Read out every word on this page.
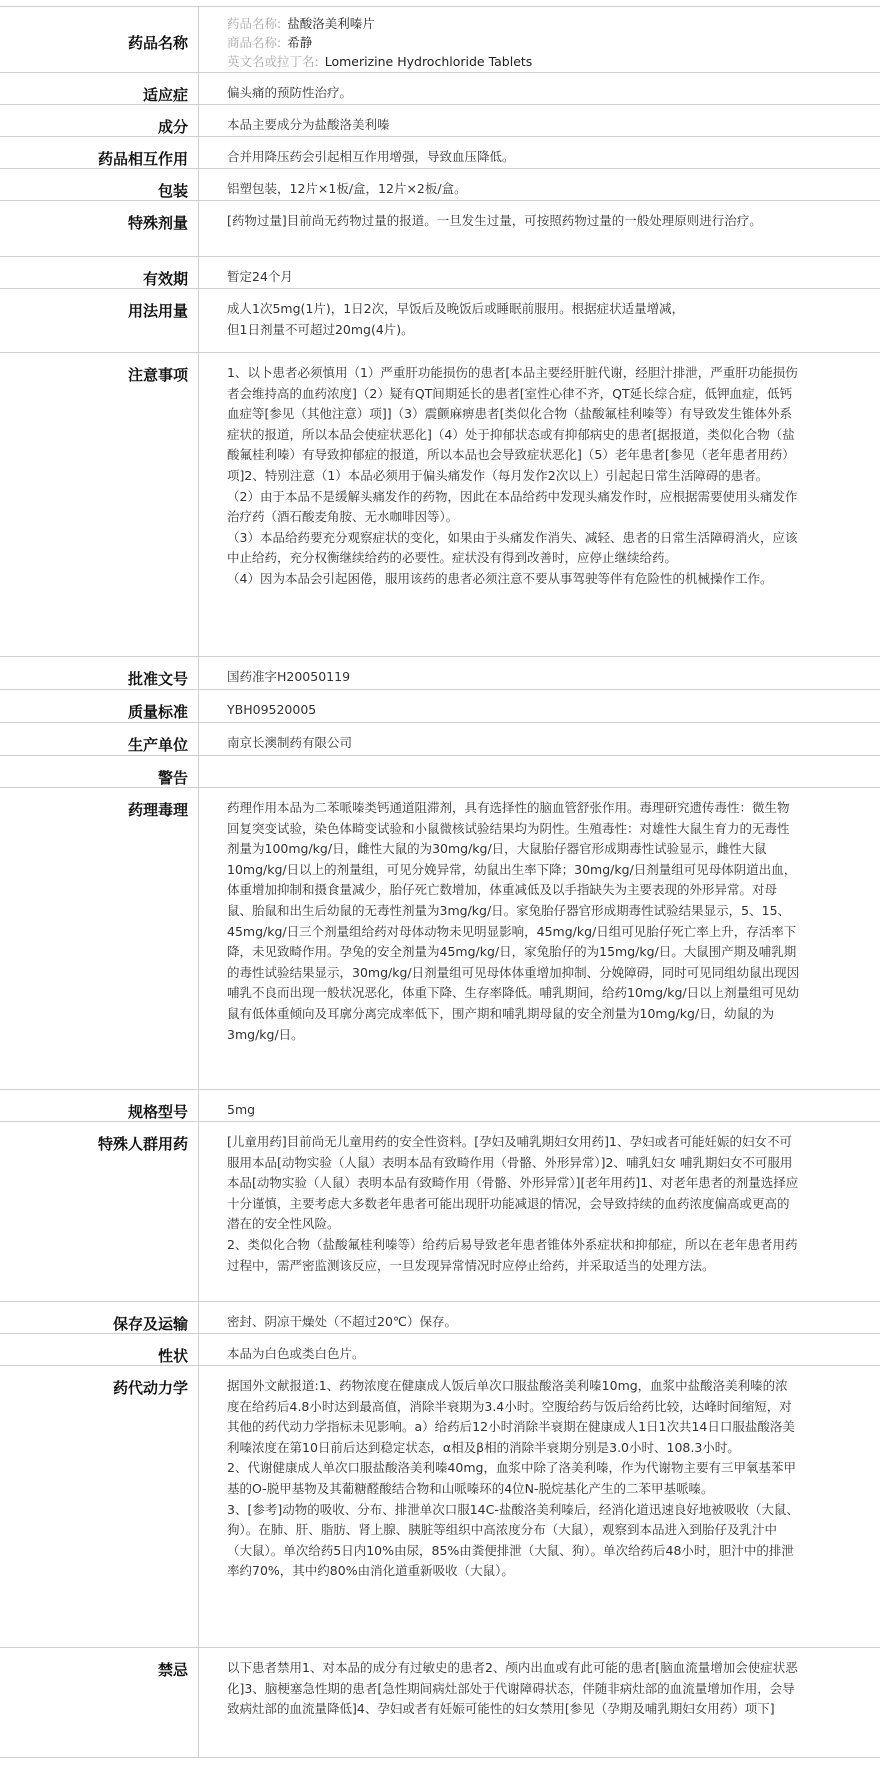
药品名称
药品名称: 盐酸洛美利嗪片
商品名称: 希静
英文名或拉丁名: Lomerizine Hydrochloride Tablets
适应症	偏头痛的预防性治疗。
成分	本品主要成分为盐酸洛美利嗪
药品相互作用	合并用降压药会引起相互作用增强，导致血压降低。
包装	铝塑包装，12片×1板/盒，12片×2板/盒。
特殊剂量	[药物过量]目前尚无药物过量的报道。一旦发生过量，可按照药物过量的一般处理原则进行治疗。
有效期	暂定24个月
用法用量	成人1次5mg(1片)，1日2次，早饭后及晚饭后或睡眠前服用。根据症状适量增减，

但1日剂量不可超过20mg(4片)。

注意事项	1、以卜患者必须慎用（1）严重肝功能损伤的患者[本品主要经肝脏代谢，经胆汁排泄，严重肝功能损伤者会维持高的血药浓度]（2）疑有QT间期延长的患者[室性心律不齐，QT延长综合症，低钾血症，低钙血症等[参见（其他注意）项]]（3）震颤麻痹患者[类似化合物（盐酸氟桂利嗪等）有导致发生锥体外系症状的报道，所以本品会使症状恶化]（4）处于抑郁状态或有抑郁病史的患者[据报道，类似化合物（盐酸氟桂利嗪）有导致抑郁症的报道，所以本品也会导致症状恶化]（5）老年患者[参见（老年患者用药）项]2、特别注意（1）本品必须用于偏头痛发作（每月发作2次以上）引起起日常生活障碍的患者。

（2）由于本品不是缓解头痛发作的药物，因此在本品给药中发现头痛发作时，应根据需要使用头痛发作治疗药（酒石酸麦角胺、无水咖啡因等）。

（3）本品给药要充分观察症状的变化，如果由于头痛发作消失、减轻、患者的日常生活障碍消火，应该中止给药，充分权衡继续给药的必要性。症状没有得到改善时，应停止继续给药。

（4）因为本品会引起困倦，服用该药的患者必须注意不要从事驾驶等伴有危险性的机械操作工作。

批准文号	国药准字H20050119
质量标准	YBH09520005
生产单位	南京长澳制药有限公司
警告
药理毒理	药理作用本品为二苯哌嗪类钙通道阻滞剂，具有选择性的脑血管舒张作用。毒理研究遗传毒性：微生物回复突变试验，染色体畸变试验和小鼠微核试验结果均为阴性。生殖毒性：对雄性大鼠生育力的无毒性剂量为100mg/kg/日，雌性大鼠的为30mg/kg/日，大鼠胎仔器官形成期毒性试验显示，雌性大鼠10mg/kg/日以上的剂量组，可见分娩异常，幼鼠出生率下降；30mg/kg/日剂量组可见母体阴道出血，体重增加抑制和摄食量减少，胎仔死亡数增加，体重减低及以手指缺失为主要表现的外形异常。对母鼠、胎鼠和出生后幼鼠的无毒性剂量为3mg/kg/日。家兔胎仔器官形成期毒性试验结果显示，5、15、45mg/kg/日三个剂量组给药对母体动物未见明显影响，45mg/kg/日组可见胎仔死亡率上升，存活率下降，未见致畸作用。孕兔的安全剂量为45mg/kg/日，家兔胎仔的为15mg/kg/日。大鼠围产期及哺乳期的毒性试验结果显示，30mg/kg/日剂量组可见母体体重增加抑制、分娩障碍，同时可见同组幼鼠出现因哺乳不良而出现一般状况恶化，体重下降、生存率降低。哺乳期间，给药10mg/kg/日以上剂量组可见幼鼠有低体重倾向及耳廓分离完成率低下，围产期和哺乳期母鼠的安全剂量为10mg/kg/日，幼鼠的为3mg/kg/日。
规格型号	5mg
特殊人群用药	[儿童用药]目前尚无儿童用药的安全性资料。[孕妇及哺乳期妇女用药]1、孕妇或者可能妊娠的妇女不可服用本品[动物实验（人鼠）表明本品有致畸作用（骨骼、外形异常）]2、哺乳妇女 哺乳期妇女不可服用本品[动物实验（人鼠）表明本品有致畸作用（骨骼、外形异常）][老年用药]1、对老年患者的剂量选择应十分谨慎，主要考虑大多数老年患者可能出现肝功能减退的情况，会导致持续的血药浓度偏高或更高的潜在的安全性风险。

2、类似化合物（盐酸氟桂利嗪等）给药后易导致老年患者锥体外系症状和抑郁症，所以在老年患者用药过程中，需严密监测该反应，一旦发现异常情况时应停止给药，并采取适当的处理方法。

保存及运输	密封、阴凉干燥处（不超过20℃）保存。
性状	本品为白色或类白色片。
药代动力学	据国外文献报道:1、药物浓度在健康成人饭后单次口服盐酸洛美利嗪10mg，血浆中盐酸洛美利嗪的浓度在给药后4.8小时达到最高值，消除半衰期为3.4小时。空腹给药与饭后给药比较，达峰时间缩短，对其他的药代动力学指标未见影响。a）给药后12小时消除半衰期在健康成人1日1次共14日口服盐酸洛美利嗪浓度在第10日前后达到稳定状态，α相及β相的消除半衰期分别是3.0小时、108.3小时。

2、代谢健康成人单次口服盐酸洛美利嗪40mg，血浆中除了洛美利嗪，作为代谢物主要有三甲氧基苯甲基的O-脱甲基物及其葡糖醛酸结合物和山哌嗪环的4位N-脱烷基化产生的二苯甲基哌嗪。

3、[参考]动物的吸收、分布、排泄单次口服14C-盐酸洛美利嗪后，经消化道迅速良好地被吸收（大鼠、狗）。在肺、肝、脂肪、肾上腺、胰脏等组织中高浓度分布（大鼠），观察到本品进入到胎仔及乳汁中（大鼠）。单次给药5日内10%由尿，85%由粪便排泄（大鼠、狗）。单次给药后48小时，胆汁中的排泄率约70%，其中约80%由消化道重新吸收（大鼠）。

禁忌	以下患者禁用1、对本品的成分有过敏史的患者2、颅内出血或有此可能的患者[脑血流量增加会使症状恶化]3、脑梗塞急性期的患者[急性期间病灶部处于代谢障碍状态，伴随非病灶部的血流量增加作用，会导致病灶部的血流量降低]4、孕妇或者有妊娠可能性的妇女禁用[参见（孕期及哺乳期妇女用药）项下]
